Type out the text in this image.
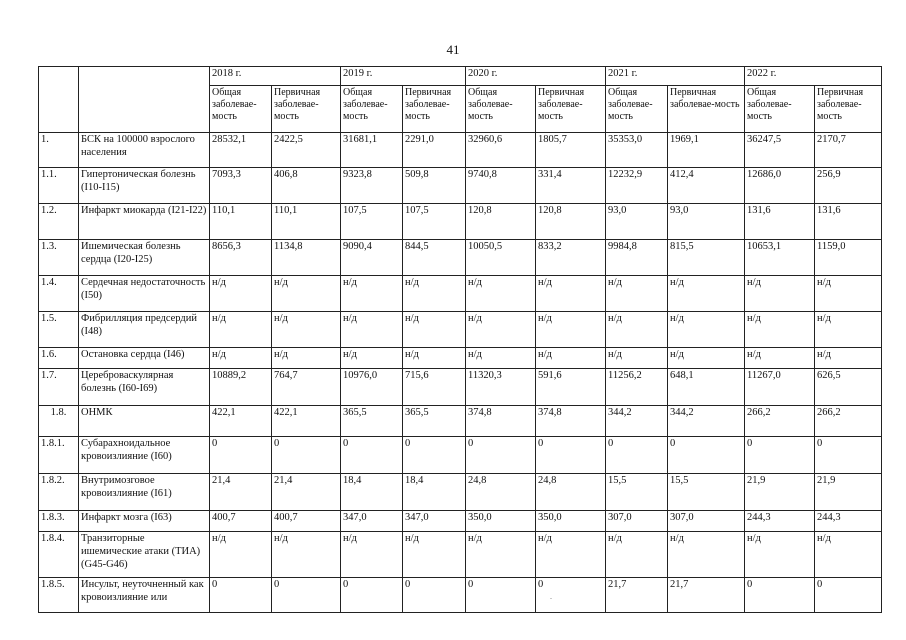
41
		2018 г.		2019 г.		2020 г.		2021 г.		2022 г.	
		Общая заболевае-мость	Первичная заболевае-мость	Общая заболевае-мость	Первичная заболевае-мость	Общая заболевае-мость	Первичная заболевае-мость	Общая заболевае-мость	Первичная заболевае-мость	Общая заболевае-мость	Первичная заболевае-мость
1.	БСК на 100000 взрослого населения	28532,1	2422,5	31681,1	2291,0	32960,6	1805,7	35353,0	1969,1	36247,5	2170,7
1.1.	Гипертоническая болезнь (I10-I15)	7093,3	406,8	9323,8	509,8	9740,8	331,4	12232,9	412,4	12686,0	256,9
1.2.	Инфаркт миокарда (I21-I22)	110,1	110,1	107,5	107,5	120,8	120,8	93,0	93,0	131,6	131,6
1.3.	Ишемическая болезнь сердца (I20-I25)	8656,3	1134,8	9090,4	844,5	10050,5	833,2	9984,8	815,5	10653,1	1159,0
1.4.	Сердечная недостаточность (I50)	н/д	н/д	н/д	н/д	н/д	н/д	н/д	н/д	н/д	н/д
1.5.	Фибрилляция предсердий (I48)	н/д	н/д	н/д	н/д	н/д	н/д	н/д	н/д	н/д	н/д
1.6.	Остановка сердца (I46)	н/д	н/д	н/д	н/д	н/д	н/д	н/д	н/д	н/д	н/д
1.7.	Цереброваскулярная болезнь (I60-I69)	10889,2	764,7	10976,0	715,6	11320,3	591,6	11256,2	648,1	11267,0	626,5
1.8.	ОНМК	422,1	422,1	365,5	365,5	374,8	374,8	344,2	344,2	266,2	266,2
1.8.1.	Субарахноидальное кровоизлияние (I60)	0	0	0	0	0	0	0	0	0	0
1.8.2.	Внутримозговое кровоизлияние (I61)	21,4	21,4	18,4	18,4	24,8	24,8	15,5	15,5	21,9	21,9
1.8.3.	Инфаркт мозга (I63)	400,7	400,7	347,0	347,0	350,0	350,0	307,0	307,0	244,3	244,3
1.8.4.	Транзиторные ишемические атаки (ТИА) (G45-G46)	н/д	н/д	н/д	н/д	н/д	н/д	н/д	н/д	н/д	н/д
1.8.5.	Инсульт, неуточненный как кровоизлияние или	0	0	0	0	0	0	21,7	21,7	0	0
.
